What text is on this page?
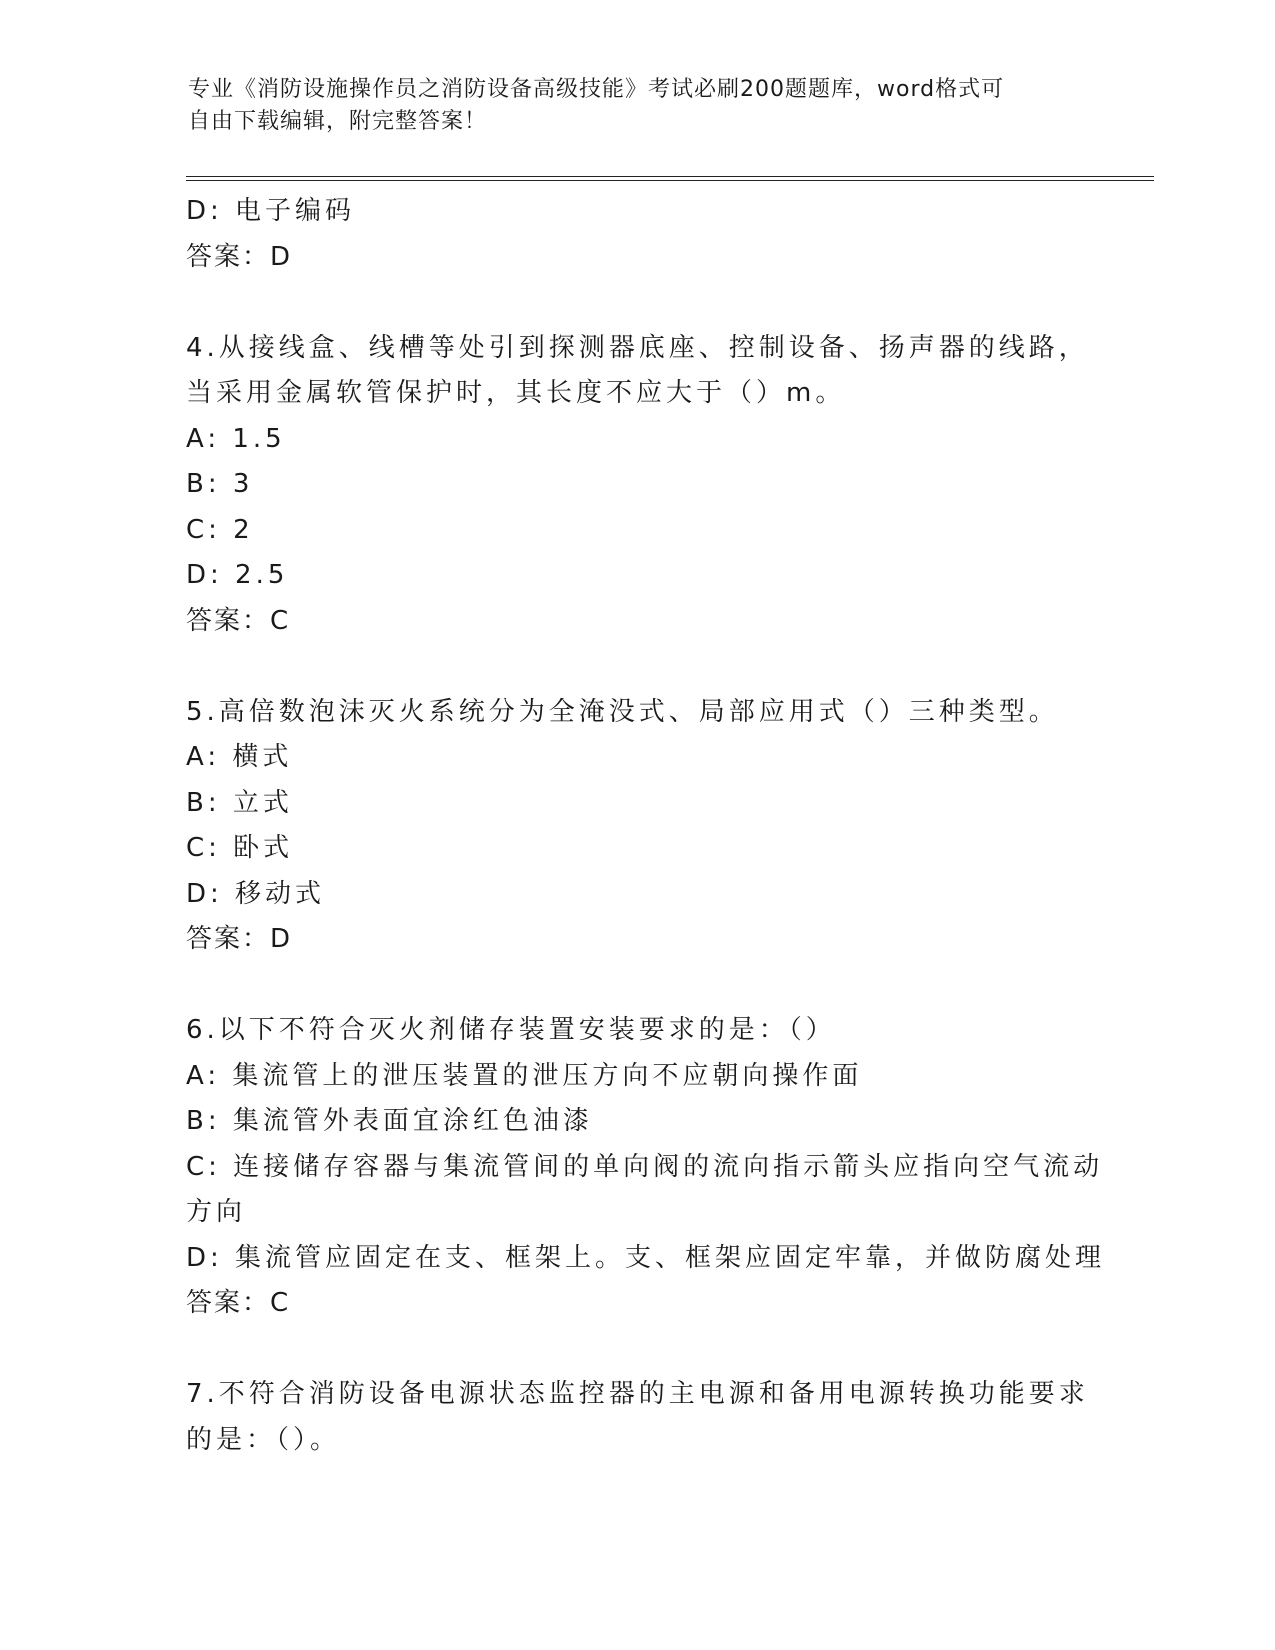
专业《消防设施操作员之消防设备高级技能》考试必刷200题题库，word格式可
自由下载编辑，附完整答案！
D: 电子编码
答案：D
4.从接线盒、线槽等处引到探测器底座、控制设备、扬声器的线路，
当采用金属软管保护时，其长度不应大于（）m。
A: 1.5
B: 3
C: 2
D: 2.5
答案：C
5.高倍数泡沫灭火系统分为全淹没式、局部应用式（）三种类型。
A: 横式
B: 立式
C: 卧式
D: 移动式
答案：D
6.以下不符合灭火剂储存装置安装要求的是：（）
A: 集流管上的泄压装置的泄压方向不应朝向操作面
B: 集流管外表面宜涂红色油漆
C: 连接储存容器与集流管间的单向阀的流向指示箭头应指向空气流动
方向
D: 集流管应固定在支、框架上。支、框架应固定牢靠，并做防腐处理
答案：C
7.不符合消防设备电源状态监控器的主电源和备用电源转换功能要求
的是：（）。
